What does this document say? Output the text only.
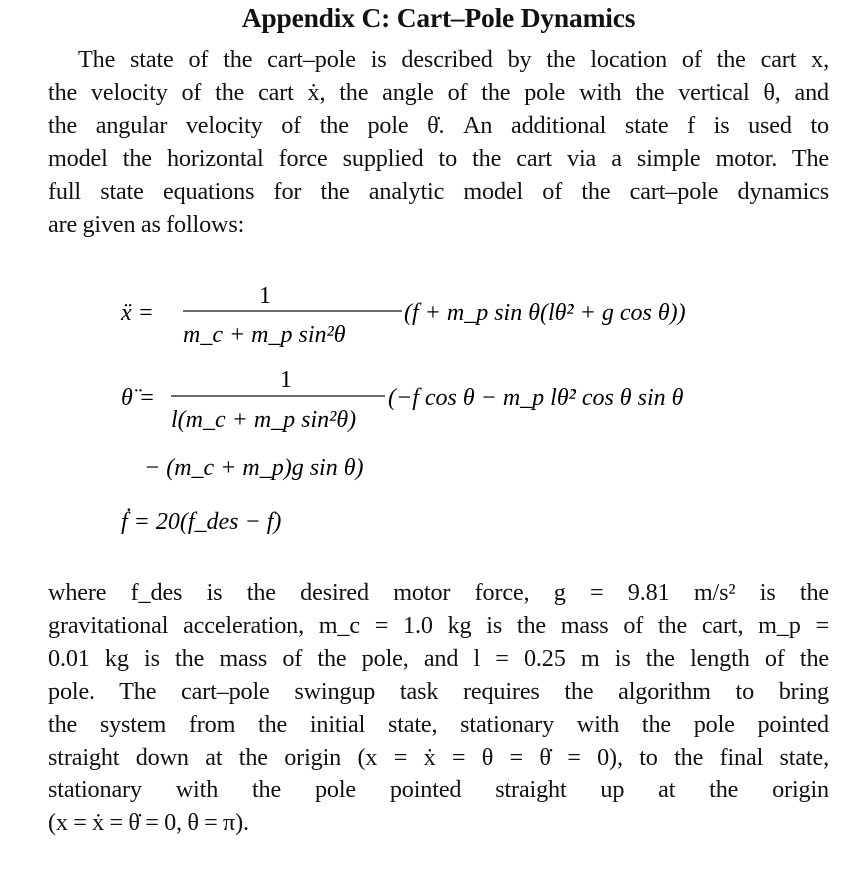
Appendix C: Cart–Pole Dynamics

The state of the cart–pole is described by the location of the cart x,
the velocity of the cart ẋ, the angle of the pole with the vertical θ, and
the angular velocity of the pole θ̇. An additional state f is used to
model the horizontal force supplied to the cart via a simple motor. The
full state equations for the analytic model of the cart–pole dynamics
are given as follows:

ẍ =
1
m_c + m_p sin²θ
(f + m_p sin θ(lθ̇² + g cos θ))
θ̈ =
1
l(m_c + m_p sin²θ)
(−f cos θ − m_p lθ̇² cos θ sin θ
− (m_c + m_p)g sin θ)
ḟ = 20(f_des − f)

where f_des is the desired motor force, g = 9.81 m/s² is the
gravitational acceleration, m_c = 1.0 kg is the mass of the cart, m_p =
0.01 kg is the mass of the pole, and l = 0.25 m is the length of the
pole. The cart–pole swingup task requires the algorithm to bring
the system from the initial state, stationary with the pole pointed
straight down at the origin (x = ẋ = θ = θ̇ = 0), to the final state,
stationary with the pole pointed straight up at the origin
(x = ẋ = θ̇ = 0, θ = π).
